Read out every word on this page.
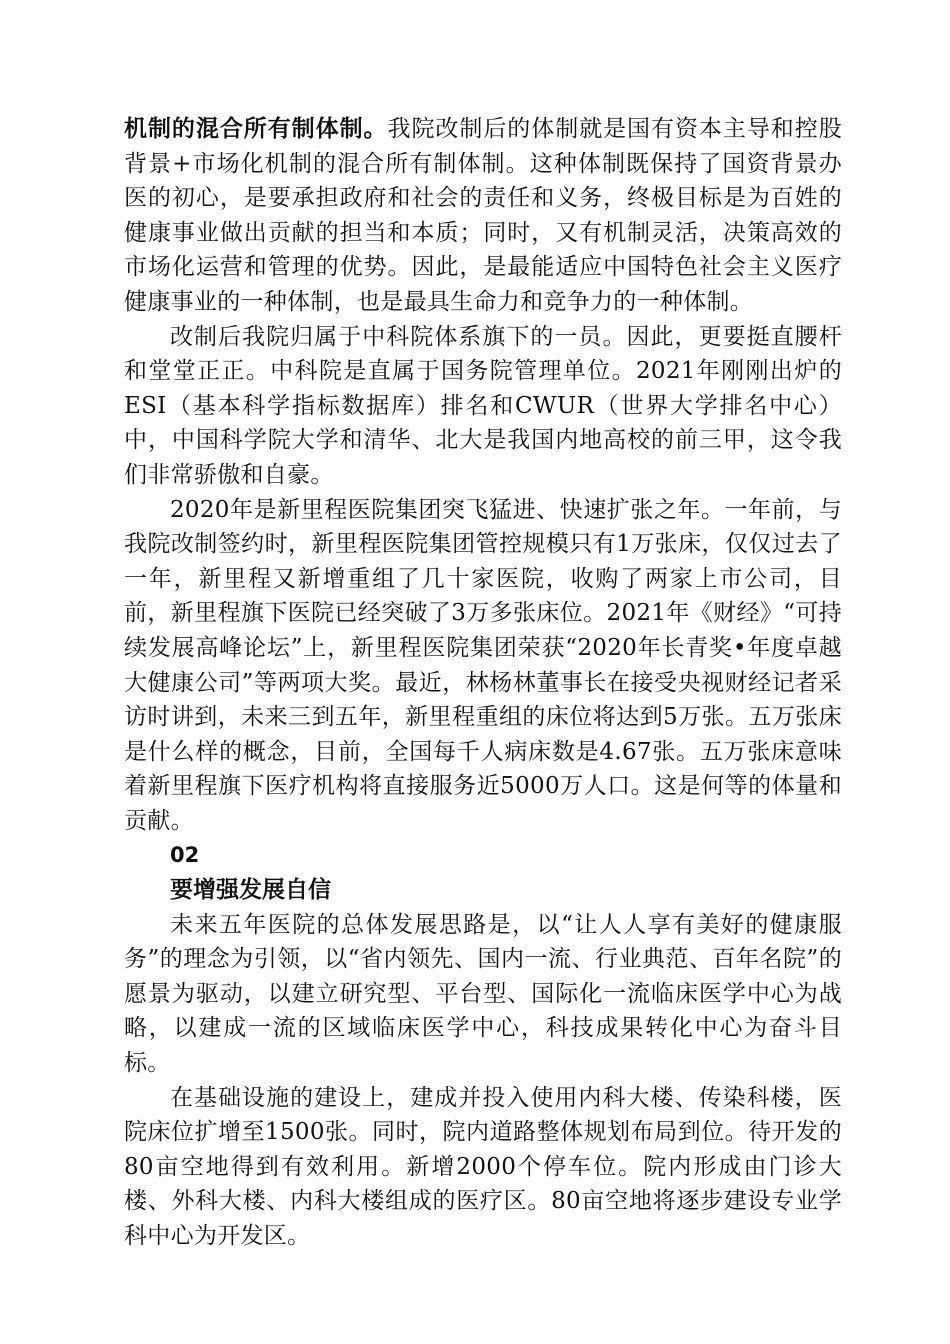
机制的混合所有制体制。我院改制后的体制就是国有资本主导和控股背景+市场化机制的混合所有制体制。这种体制既保持了国资背景办医的初心，是要承担政府和社会的责任和义务，终极目标是为百姓的健康事业做出贡献的担当和本质；同时，又有机制灵活，决策高效的市场化运营和管理的优势。因此，是最能适应中国特色社会主义医疗健康事业的一种体制，也是最具生命力和竞争力的一种体制。

改制后我院归属于中科院体系旗下的一员。因此，更要挺直腰杆和堂堂正正。中科院是直属于国务院管理单位。2021年刚刚出炉的ESI（基本科学指标数据库）排名和CWUR（世界大学排名中心）中，中国科学院大学和清华、北大是我国内地高校的前三甲，这令我们非常骄傲和自豪。

2020年是新里程医院集团突飞猛进、快速扩张之年。一年前，与我院改制签约时，新里程医院集团管控规模只有1万张床，仅仅过去了一年，新里程又新增重组了几十家医院，收购了两家上市公司，目前，新里程旗下医院已经突破了3万多张床位。2021年《财经》“可持续发展高峰论坛”上，新里程医院集团荣获“2020年长青奖•年度卓越大健康公司”等两项大奖。最近，林杨林董事长在接受央视财经记者采访时讲到，未来三到五年，新里程重组的床位将达到5万张。五万张床是什么样的概念，目前，全国每千人病床数是4.67张。五万张床意味着新里程旗下医疗机构将直接服务近5000万人口。这是何等的体量和贡献。

02

要增强发展自信

未来五年医院的总体发展思路是，以“让人人享有美好的健康服务”的理念为引领，以“省内领先、国内一流、行业典范、百年名院”的愿景为驱动，以建立研究型、平台型、国际化一流临床医学中心为战略，以建成一流的区域临床医学中心，科技成果转化中心为奋斗目标。

在基础设施的建设上，建成并投入使用内科大楼、传染科楼，医院床位扩增至1500张。同时，院内道路整体规划布局到位。待开发的80亩空地得到有效利用。新增2000个停车位。院内形成由门诊大楼、外科大楼、内科大楼组成的医疗区。80亩空地将逐步建设专业学科中心为开发区。
